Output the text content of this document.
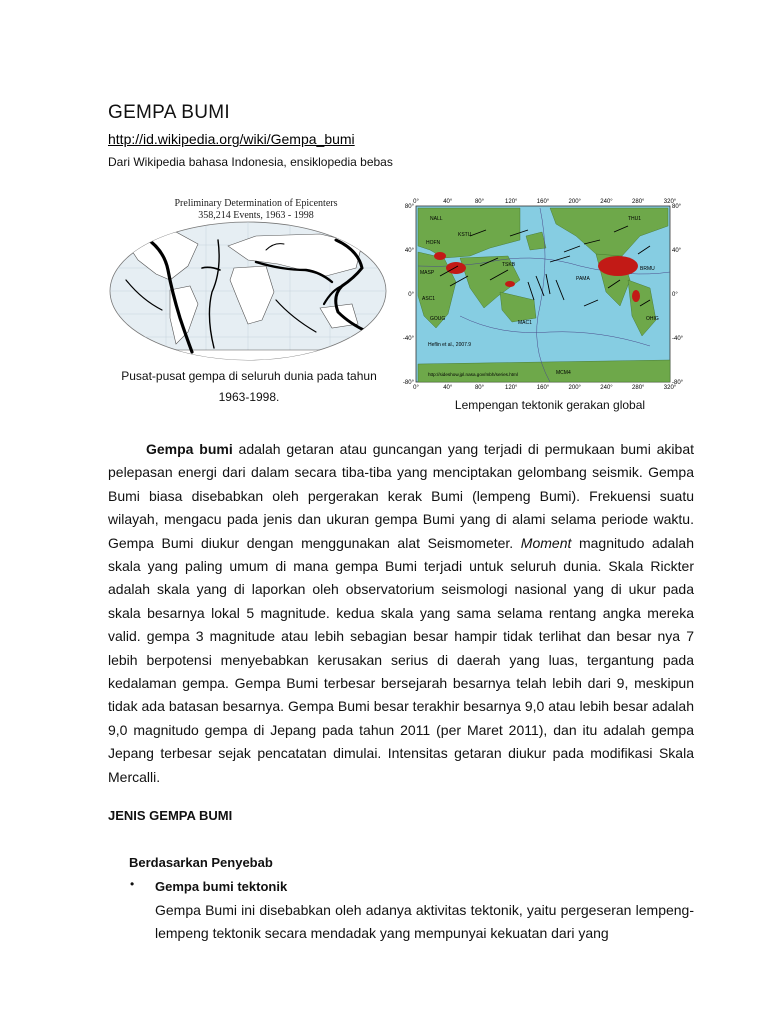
GEMPA BUMI
http://id.wikipedia.org/wiki/Gempa_bumi
Dari Wikipedia bahasa Indonesia, ensiklopedia bebas
Preliminary Determination of Epicenters
358,214 Events, 1963 - 1998
Pusat-pusat gempa di seluruh dunia pada tahun
1963-1998.
NALL
HOFN
KSTU
MASP
ASC1
GOUG
TSKB
PAMA
MAC1
THU1
BRMU
OHIG
MCM4
Heflin et al., 2007.9
http://sideshow.jpl.nasa.gov/mbh/series.html
0°	40°	80°	120°	160°	200°	240°	280°	320°
0°	40°	80°	120°	160°	200°	240°	280°	320°
80°
40°
0°
-40°
-80°
80°
40°
0°
-40°
-80°
Lempengan tektonik gerakan global

Gempa bumi adalah getaran atau guncangan yang terjadi di permukaan bumi akibat pelepasan energi dari dalam secara tiba-tiba yang menciptakan gelombang seismik. Gempa Bumi biasa disebabkan oleh pergerakan kerak Bumi (lempeng Bumi). Frekuensi suatu wilayah, mengacu pada jenis dan ukuran gempa Bumi yang di alami selama periode waktu. Gempa Bumi diukur dengan menggunakan alat Seismometer. Moment magnitudo adalah skala yang paling umum di mana gempa Bumi terjadi untuk seluruh dunia. Skala Rickter adalah skala yang di laporkan oleh observatorium seismologi nasional yang di ukur pada skala besarnya lokal 5 magnitude. kedua skala yang sama selama rentang angka mereka valid. gempa 3 magnitude atau lebih sebagian besar hampir tidak terlihat dan besar nya 7 lebih berpotensi menyebabkan kerusakan serius di daerah yang luas, tergantung pada kedalaman gempa. Gempa Bumi terbesar bersejarah besarnya telah lebih dari 9, meskipun tidak ada batasan besarnya. Gempa Bumi besar terakhir besarnya 9,0 atau lebih besar adalah 9,0 magnitudo gempa di Jepang pada tahun 2011 (per Maret 2011), dan itu adalah gempa Jepang terbesar sejak pencatatan dimulai. Intensitas getaran diukur pada modifikasi Skala Mercalli.

JENIS GEMPA BUMI
Berdasarkan Penyebab
• Gempa bumi tektonik

Gempa Bumi ini disebabkan oleh adanya aktivitas tektonik, yaitu pergeseran lempeng-lempeng tektonik secara mendadak yang mempunyai kekuatan dari yang
